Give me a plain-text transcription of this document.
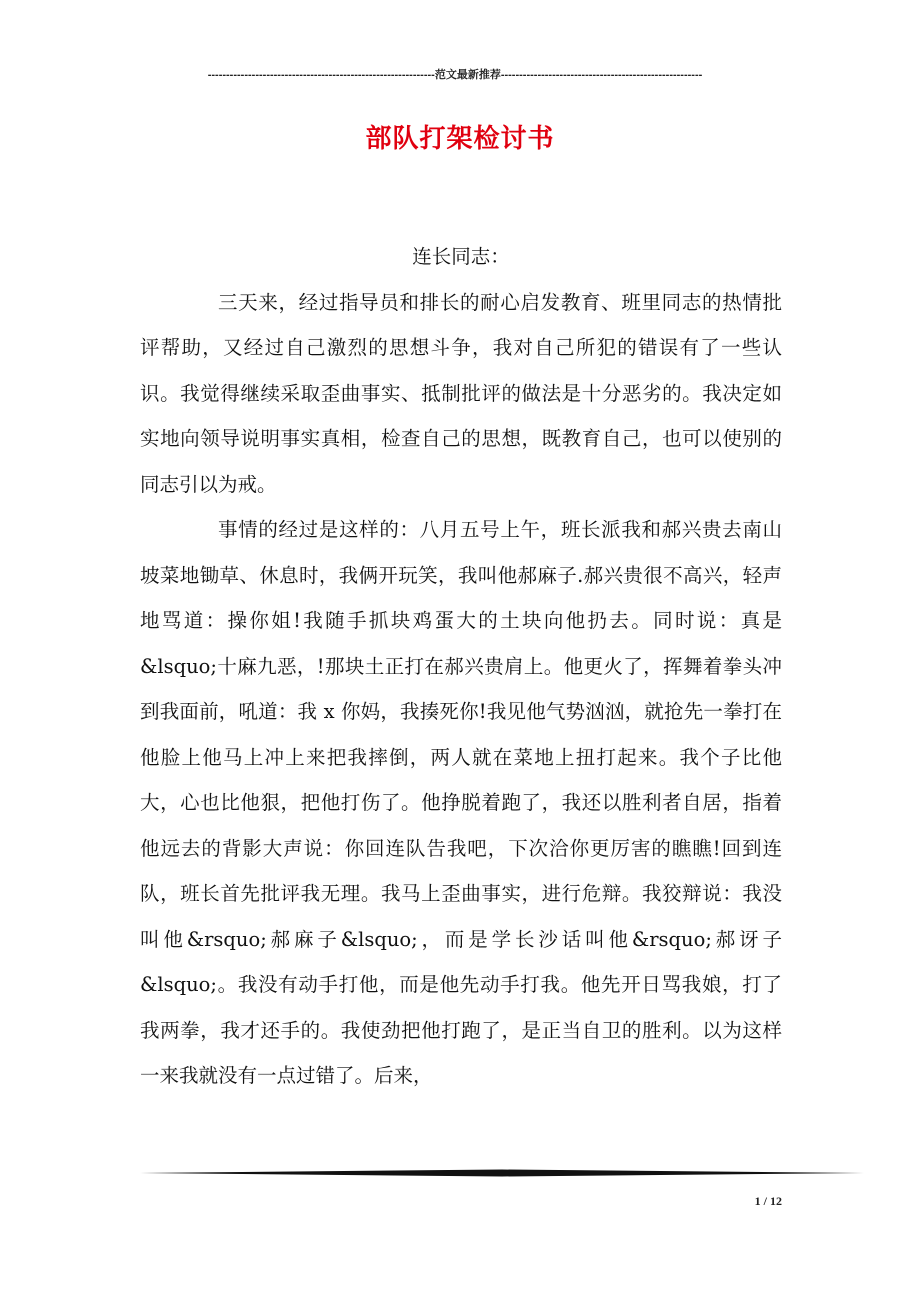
--------------------------------------------------------------范文最新推荐-------------------------------------------------------
部队打架检讨书

连长同志：

三天来，经过指导员和排长的耐心启发教育、班里同志的热情批评帮助，又经过自己激烈的思想斗争，我对自己所犯的错误有了一些认识。我觉得继续采取歪曲事实、抵制批评的做法是十分恶劣的。我决定如实地向领导说明事实真相，检查自己的思想，既教育自己，也可以使别的同志引以为戒。

事情的经过是这样的：八月五号上午，班长派我和郝兴贵去南山坡菜地锄草、休息时，我俩开玩笑，我叫他郝麻子.郝兴贵很不高兴，轻声地骂道：操你姐!我随手抓块鸡蛋大的土块向他扔去。同时说：真是&lsquo;十麻九恶，!那块土正打在郝兴贵肩上。他更火了，挥舞着拳头冲到我面前，吼道：我 x 你妈，我揍死你!我见他气势汹汹，就抢先一拳打在他脸上他马上冲上来把我摔倒，两人就在菜地上扭打起来。我个子比他大，心也比他狠，把他打伤了。他挣脱着跑了，我还以胜利者自居，指着他远去的背影大声说：你回连队告我吧，下次洽你更厉害的瞧瞧!回到连队，班长首先批评我无理。我马上歪曲事实，进行危辩。我狡辩说：我没叫他&rsquo;郝麻子&lsquo;，而是学长沙话叫他&rsquo;郝讶子&lsquo;。我没有动手打他，而是他先动手打我。他先开日骂我娘，打了我两拳，我才还手的。我使劲把他打跑了，是正当自卫的胜利。以为这样一来我就没有一点过错了。后来，

1 / 12
